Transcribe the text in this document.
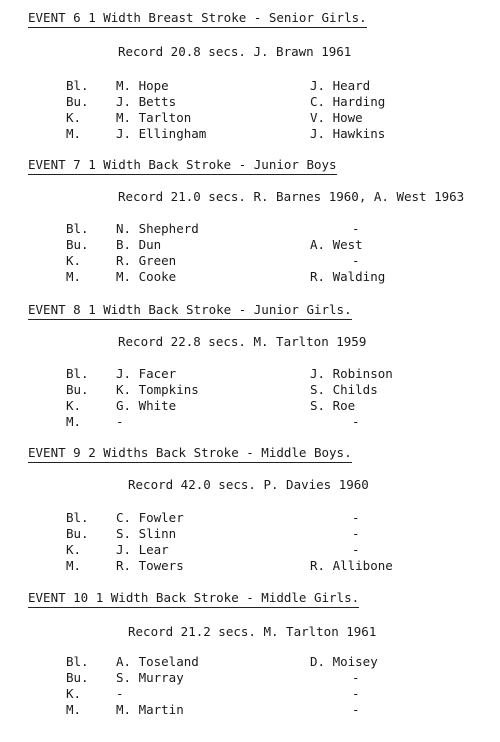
EVENT 6 1 Width Breast Stroke - Senior Girls.
Record 20.8 secs. J. Brawn 1961
Bl. M. Hope	J. Heard
Bu. J. Betts	C. Harding
K.	M. Tarlton	V. Howe
M.	J. Ellingham	J. Hawkins
EVENT 7 1 Width Back Stroke - Junior Boys
Record 21.0 secs. R. Barnes 1960, A. West 1963
Bl. N. Shepherd	-
Bu. B. Dun	A. West
K.	R. Green	-
M.	M. Cooke	R. Walding
EVENT 8 1 Width Back Stroke - Junior Girls.
Record 22.8 secs. M. Tarlton 1959
Bl. J. Facer	J. Robinson
Bu. K. Tompkins	S. Childs
K.	G. White	S. Roe
M.	-	-
EVENT 9 2 Widths Back Stroke - Middle Boys.
Record 42.0 secs. P. Davies 1960
Bl. C. Fowler	-
Bu. S. Slinn	-
K.	J. Lear	-
M.	R. Towers	R. Allibone
EVENT 10 1 Width Back Stroke - Middle Girls.
Record 21.2 secs. M. Tarlton 1961
Bl. A. Toseland	D. Moisey
Bu. S. Murray	-
K.	-	-
M.	M. Martin	-
